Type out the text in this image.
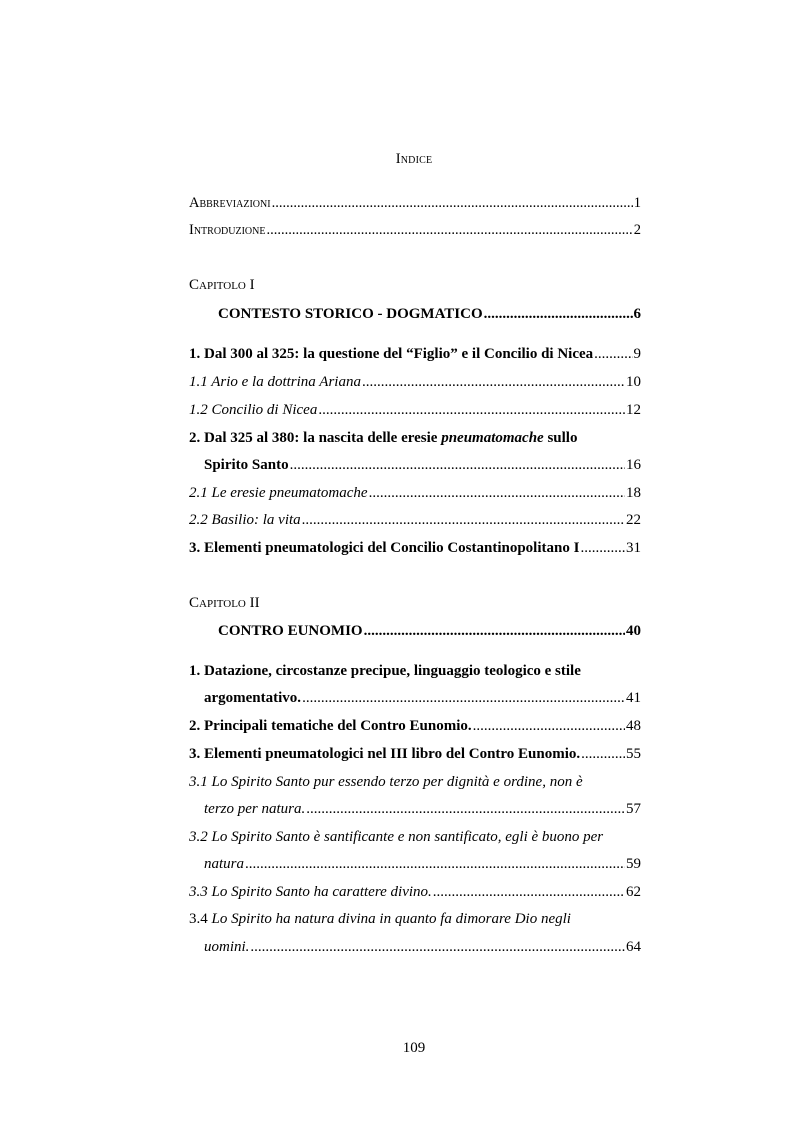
Indice
Abbreviazioni .....	1
Introduzione .....	2
Capitolo I
CONTESTO STORICO - DOGMATICO .....	6
1. Dal 300 al 325: la questione del “Figlio” e il Concilio di Nicea .....	9
1.1 Ario e la dottrina Ariana .....	10
1.2 Concilio di Nicea .....	12
2. Dal 325 al 380: la nascita delle eresie pneumatomache sullo
Spirito Santo .....	16
2.1 Le eresie pneumatomache .....	18
2.2 Basilio: la vita .....	22
3. Elementi pneumatologici del Concilio Costantinopolitano I .....	31
Capitolo II
CONTRO EUNOMIO .....	40
1. Datazione, circostanze precipue, linguaggio teologico e stile
argomentativo. .....	41
2. Principali tematiche del Contro Eunomio. .....	48
3. Elementi pneumatologici nel III libro del Contro Eunomio. .....	55
3.1 Lo Spirito Santo pur essendo terzo per dignità e ordine, non è
terzo per natura. .....	57
3.2 Lo Spirito Santo è santificante e non santificato, egli è buono per
natura .....	59
3.3 Lo Spirito Santo ha carattere divino. .....	62
3.4 Lo Spirito ha natura divina in quanto fa dimorare Dio negli
uomini. .....	64
109
